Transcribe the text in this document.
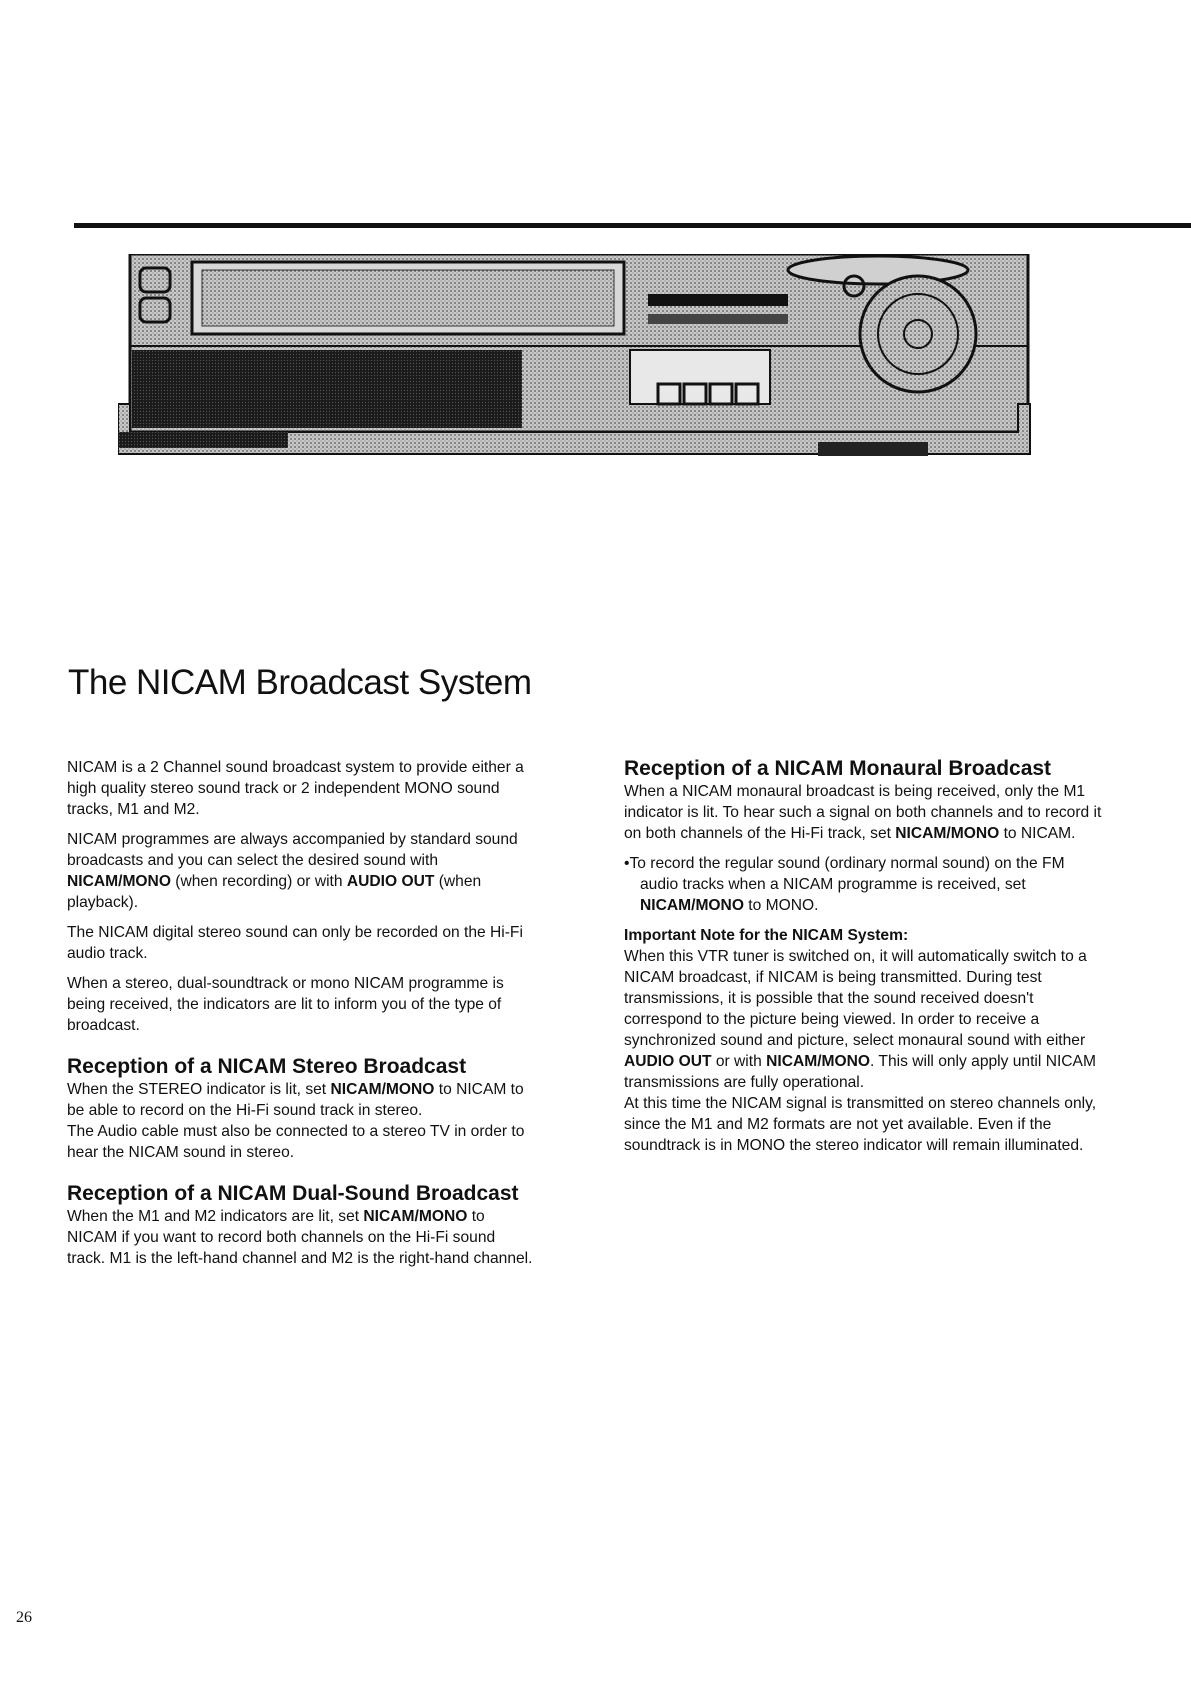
The NICAM Broadcast System

NICAM is a 2 Channel sound broadcast system to provide either a high quality stereo sound track or 2 independent MONO sound tracks, M1 and M2.

NICAM programmes are always accompanied by standard sound broadcasts and you can select the desired sound with NICAM/MONO (when recording) or with AUDIO OUT (when playback).

The NICAM digital stereo sound can only be recorded on the Hi-Fi audio track.

When a stereo, dual-soundtrack or mono NICAM programme is being received, the indicators are lit to inform you of the type of broadcast.

Reception of a NICAM Stereo Broadcast

When the STEREO indicator is lit, set NICAM/MONO to NICAM to be able to record on the Hi-Fi sound track in stereo.

The Audio cable must also be connected to a stereo TV in order to hear the NICAM sound in stereo.

Reception of a NICAM Dual-Sound Broadcast

When the M1 and M2 indicators are lit, set NICAM/MONO to NICAM if you want to record both channels on the Hi-Fi sound track. M1 is the left-hand channel and M2 is the right-hand channel.

Reception of a NICAM Monaural Broadcast

When a NICAM monaural broadcast is being received, only the M1 indicator is lit. To hear such a signal on both channels and to record it on both channels of the Hi-Fi track, set NICAM/MONO to NICAM.

•To record the regular sound (ordinary normal sound) on the FM audio tracks when a NICAM programme is received, set NICAM/MONO to MONO.

Important Note for the NICAM System:

When this VTR tuner is switched on, it will automatically switch to a NICAM broadcast, if NICAM is being transmitted. During test transmissions, it is possible that the sound received doesn't correspond to the picture being viewed. In order to receive a synchronized sound and picture, select monaural sound with either AUDIO OUT or with NICAM/MONO. This will only apply until NICAM transmissions are fully operational.

At this time the NICAM signal is transmitted on stereo channels only, since the M1 and M2 formats are not yet available. Even if the soundtrack is in MONO the stereo indicator will remain illuminated.

26
